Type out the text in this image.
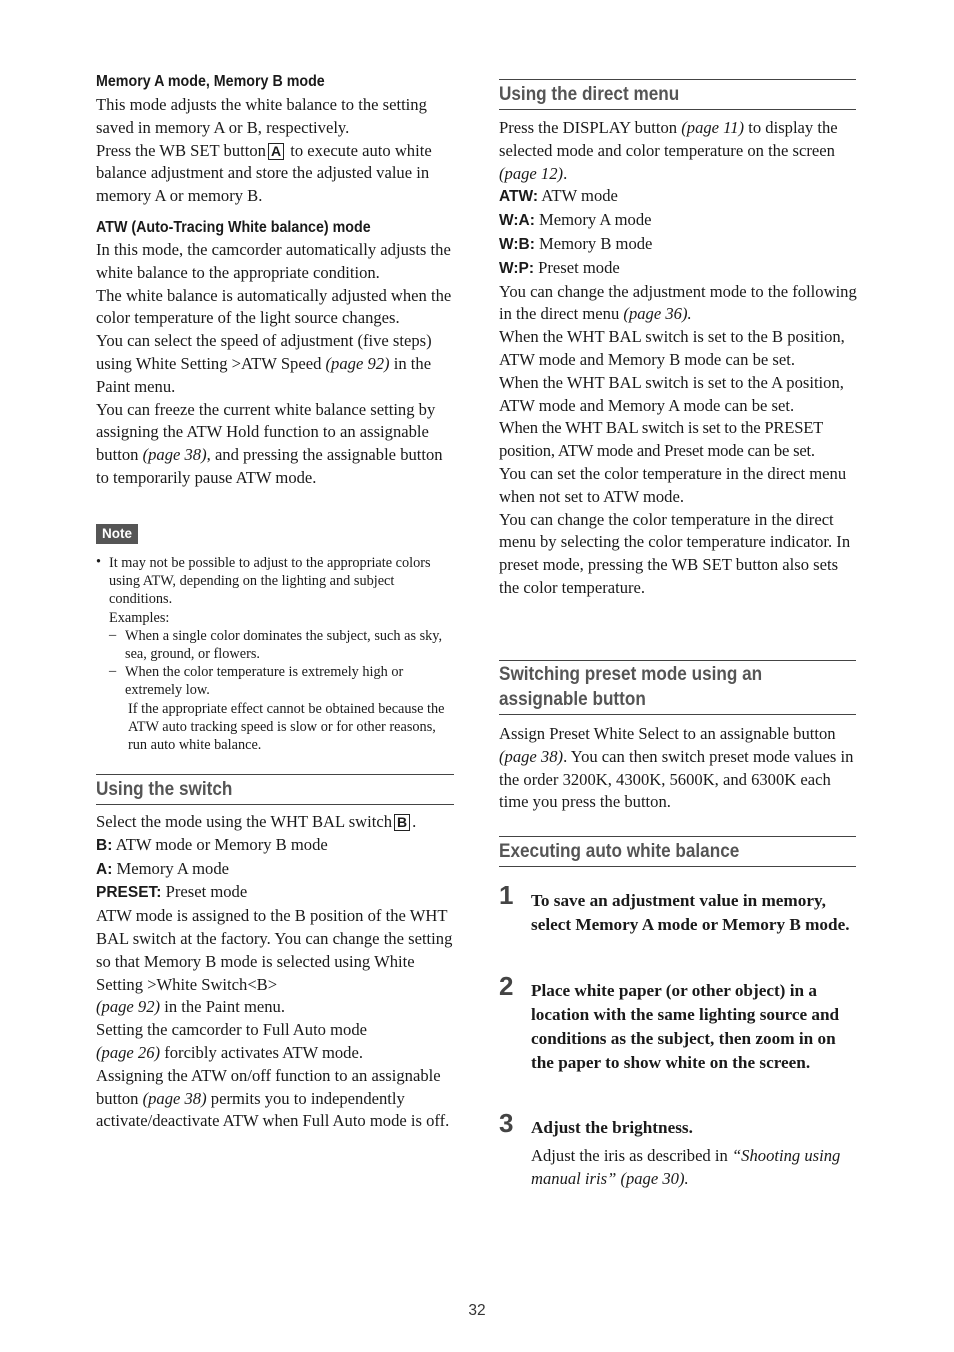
Memory A mode, Memory B mode

This mode adjusts the white balance to the setting saved in memory A or B, respectively.
Press the WB SET button A to execute auto white balance adjustment and store the adjusted value in memory A or memory B.

ATW (Auto-Tracing White balance) mode

In this mode, the camcorder automatically adjusts the white balance to the appropriate condition.
The white balance is automatically adjusted when the color temperature of the light source changes.
You can select the speed of adjustment (five steps) using White Setting >ATW Speed (page 92) in the Paint menu.
You can freeze the current white balance setting by assigning the ATW Hold function to an assignable button (page 38), and pressing the assignable button to temporarily pause ATW mode.
Note
• It may not be possible to adjust to the appropriate colors using ATW, depending on the lighting and subject conditions.

Examples:

– When a single color dominates the subject, such as sky, sea, ground, or flowers.

– When the color temperature is extremely high or extremely low.

If the appropriate effect cannot be obtained because the ATW auto tracking speed is slow or for other reasons, run auto white balance.

Using the switch
Select the mode using the WHT BAL switch B .
B: ATW mode or Memory B mode
A: Memory A mode
PRESET: Preset mode
ATW mode is assigned to the B position of the WHT BAL switch at the factory. You can change the setting so that Memory B mode is selected using White Setting >White Switch<B>
(page 92) in the Paint menu.
Setting the camcorder to Full Auto mode
(page 26) forcibly activates ATW mode.
Assigning the ATW on/off function to an assignable button (page 38) permits you to independently activate/deactivate ATW when Full Auto mode is off.
Using the direct menu
Press the DISPLAY button (page 11) to display the selected mode and color temperature on the screen (page 12).
ATW: ATW mode
W:A: Memory A mode
W:B: Memory B mode
W:P: Preset mode
You can change the adjustment mode to the following in the direct menu (page 36).
When the WHT BAL switch is set to the B position, ATW mode and Memory B mode can be set.
When the WHT BAL switch is set to the A position, ATW mode and Memory A mode can be set.
When the WHT BAL switch is set to the PRESET position, ATW mode and Preset mode can be set.
You can set the color temperature in the direct menu when not set to ATW mode.
You can change the color temperature in the direct menu by selecting the color temperature indicator. In preset mode, pressing the WB SET button also sets the color temperature.
Switching preset mode using an
assignable button
Assign Preset White Select to an assignable button (page 38). You can then switch preset mode values in the order 3200K, 4300K, 5600K, and 6300K each time you press the button.
Executing auto white balance
1 To save an adjustment value in memory, select Memory A mode or Memory B mode.
2 Place white paper (or other object) in a location with the same lighting source and conditions as the subject, then zoom in on the paper to show white on the screen.
3 Adjust the brightness.
Adjust the iris as described in “Shooting using manual iris” (page 30).
32
